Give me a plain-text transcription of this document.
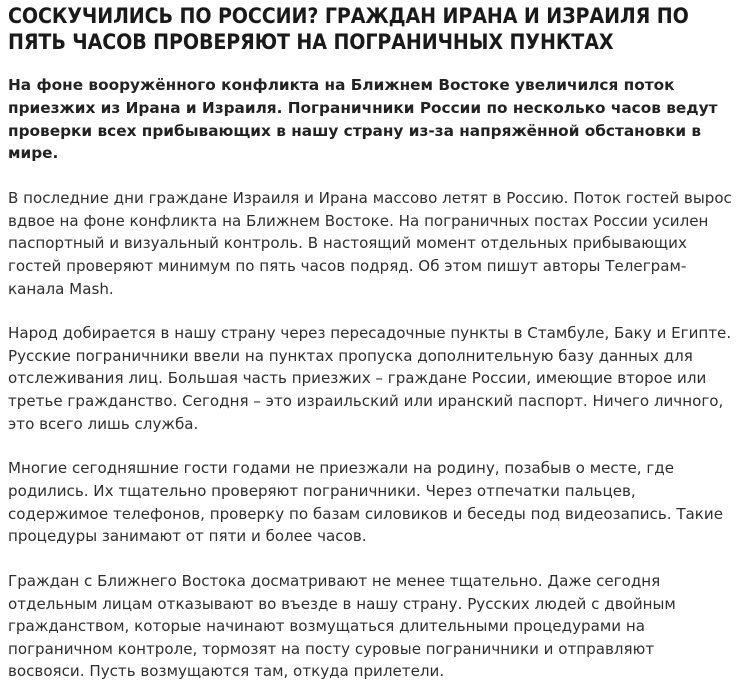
СОСКУЧИЛИСЬ ПО РОССИИ? ГРАЖДАН ИРАНА И ИЗРАИЛЯ ПО ПЯТЬ ЧАСОВ ПРОВЕРЯЮТ НА ПОГРАНИЧНЫХ ПУНКТАХ

На фоне вооружённого конфликта на Ближнем Востоке увеличился поток приезжих из Ирана и Израиля. Пограничники России по несколько часов ведут проверки всех прибывающих в нашу страну из-за напряжённой обстановки в мире.

В последние дни граждане Израиля и Ирана массово летят в Россию. Поток гостей вырос вдвое на фоне конфликта на Ближнем Востоке. На пограничных постах России усилен паспортный и визуальный контроль. В настоящий момент отдельных прибывающих гостей проверяют минимум по пять часов подряд. Об этом пишут авторы Телеграм-канала Mash.

Народ добирается в нашу страну через пересадочные пункты в Стамбуле, Баку и Египте. Русские пограничники ввели на пунктах пропуска дополнительную базу данных для отслеживания лиц. Большая часть приезжих – граждане России, имеющие второе или третье гражданство. Сегодня – это израильский или иранский паспорт. Ничего личного, это всего лишь служба.

Многие сегодняшние гости годами не приезжали на родину, позабыв о месте, где родились. Их тщательно проверяют пограничники. Через отпечатки пальцев, содержимое телефонов, проверку по базам силовиков и беседы под видеозапись. Такие процедуры занимают от пяти и более часов.

Граждан с Ближнего Востока досматривают не менее тщательно. Даже сегодня отдельным лицам отказывают во въезде в нашу страну. Русских людей с двойным гражданством, которые начинают возмущаться длительными процедурами на пограничном контроле, тормозят на посту суровые пограничники и отправляют восвояси. Пусть возмущаются там, откуда прилетели.
